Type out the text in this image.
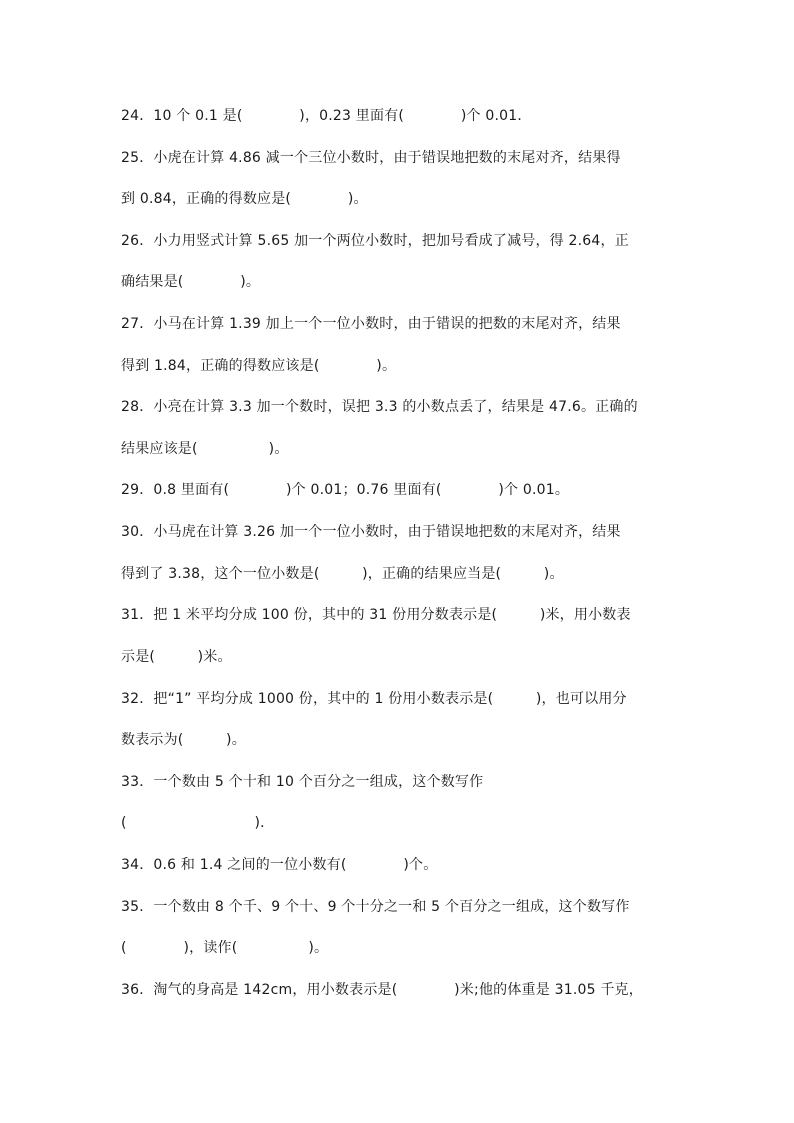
24．10 个 0.1 是(　　　　)，0.23 里面有(　　　　)个 0.01．
25．小虎在计算 4.86 减一个三位小数时，由于错误地把数的末尾对齐，结果得
到 0.84，正确的得数应是(　　　　)。
26．小力用竖式计算 5.65 加一个两位小数时，把加号看成了减号，得 2.64，正
确结果是(　　　　)。
27．小马在计算 1.39 加上一个一位小数时，由于错误的把数的末尾对齐，结果
得到 1.84，正确的得数应该是(　　　　)。
28．小亮在计算 3.3 加一个数时，误把 3.3 的小数点丢了，结果是 47.6。正确的
结果应该是(　　　　　)。
29．0.8 里面有(　　　　)个 0.01；0.76 里面有(　　　　)个 0.01。
30．小马虎在计算 3.26 加一个一位小数时，由于错误地把数的末尾对齐，结果
得到了 3.38，这个一位小数是(　　　)，正确的结果应当是(　　　)。
31．把 1 米平均分成 100 份，其中的 31 份用分数表示是(　　　)米，用小数表
示是(　　　)米。
32．把“1” 平均分成 1000 份，其中的 1 份用小数表示是(　　　)，也可以用分
数表示为(　　　)。
33．一个数由 5 个十和 10 个百分之一组成，这个数写作
(　　　　　　　　　)．
34．0.6 和 1.4 之间的一位小数有(　　　　)个。
35．一个数由 8 个千、9 个十、9 个十分之一和 5 个百分之一组成，这个数写作
(　　　　)，读作(　　　　　)。
36．淘气的身高是 142cm，用小数表示是(　　　　)米;他的体重是 31.05 千克，
